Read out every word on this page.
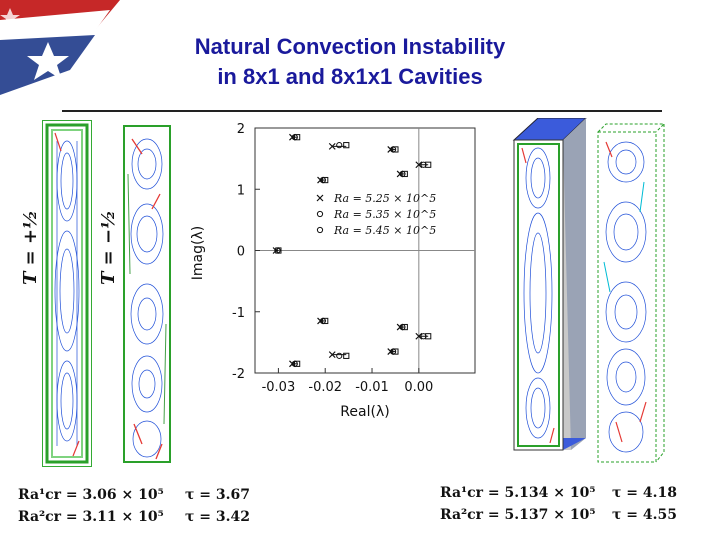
Natural Convection Instability
in 8x1 and 8x1x1 Cavities
T = +½	T = −½
-0.03 -0.02 -0.01 0.00
-2
-1
0
1
2
Ra = 5.25 × 10^5
Ra = 5.35 × 10^5
Ra = 5.45 × 10^5
Imag(λ)
Real(λ)
Ra¹cr = 3.06 × 10⁵
Ra²cr = 3.11 × 10⁵
τ = 3.67
τ = 3.42
Ra¹cr = 5.134 × 10⁵
Ra²cr = 5.137 × 10⁵
τ = 4.18
τ = 4.55
